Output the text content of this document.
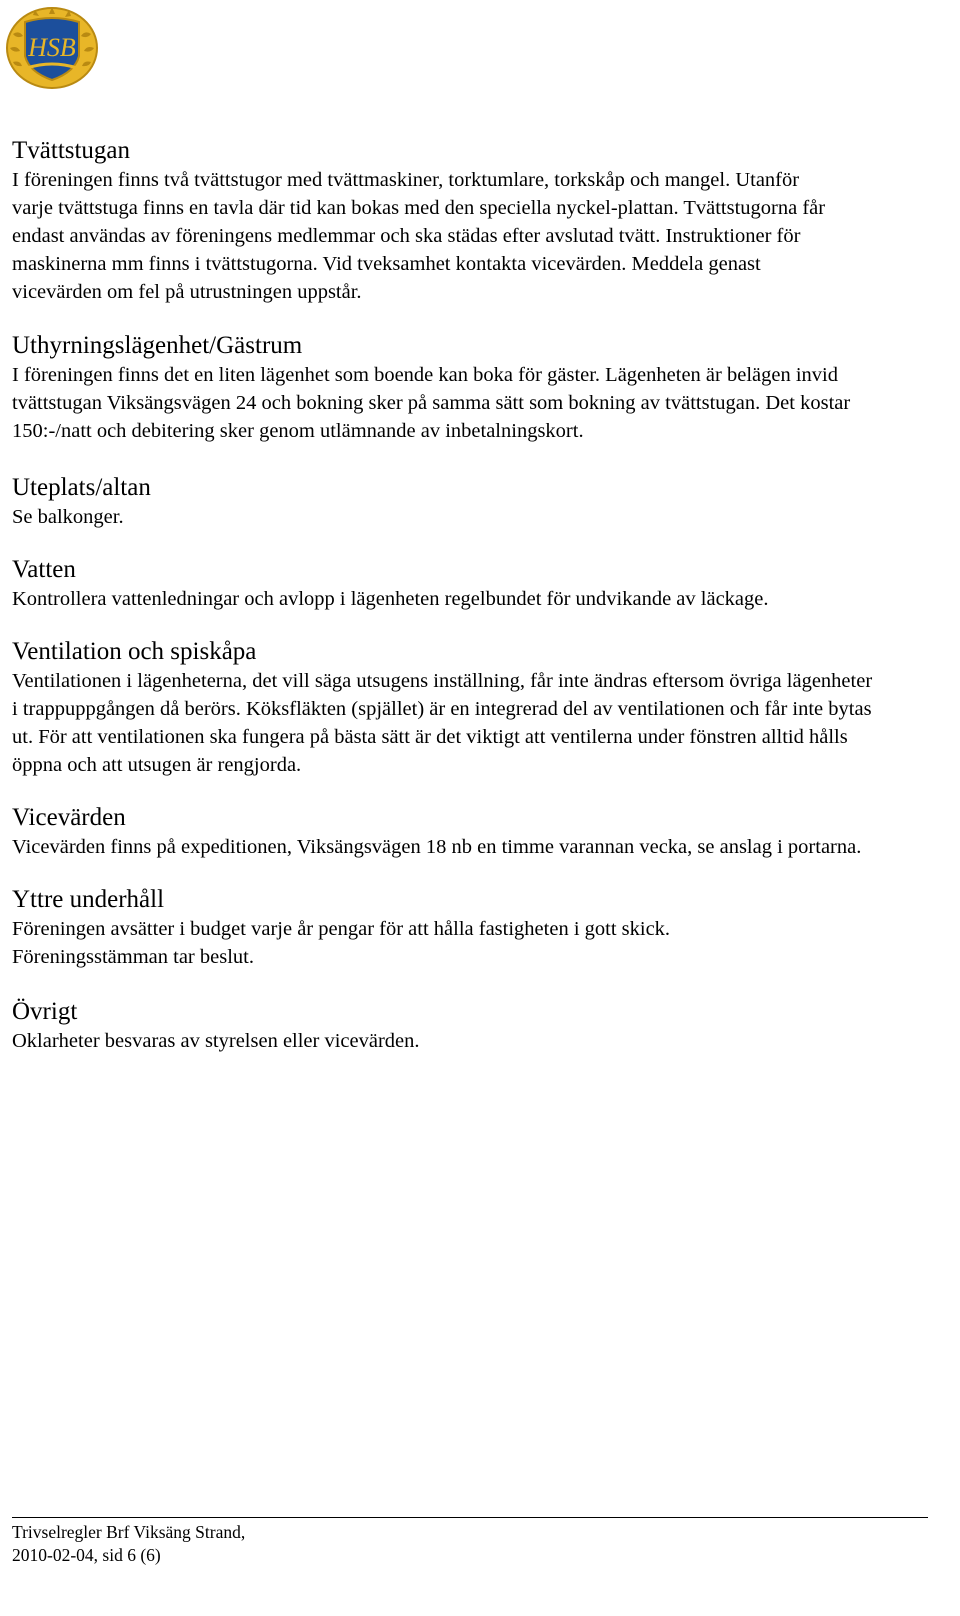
HSB
Tvättstugan

I föreningen finns två tvättstugor med tvättmaskiner, torktumlare, torkskåp och mangel. Utanför varje tvättstuga finns en tavla där tid kan bokas med den speciella nyckel-plattan. Tvättstugorna får endast användas av föreningens medlemmar och ska städas efter avslutad tvätt. Instruktioner för maskinerna mm finns i tvättstugorna. Vid tveksamhet kontakta vicevärden. Meddela genast vicevärden om fel på utrustningen uppstår.

Uthyrningslägenhet/Gästrum

I föreningen finns det en liten lägenhet som boende kan boka för gäster. Lägenheten är belägen invid tvättstugan Viksängsvägen 24 och bokning sker på samma sätt som bokning av tvättstugan. Det kostar 150:-/natt och debitering sker genom utlämnande av inbetalningskort.

Uteplats/altan

Se balkonger.

Vatten

Kontrollera vattenledningar och avlopp i lägenheten regelbundet för undvikande av läckage.

Ventilation och spiskåpa

Ventilationen i lägenheterna, det vill säga utsugens inställning, får inte ändras eftersom övriga lägenheter i trappuppgången då berörs. Köksfläkten (spjället) är en integrerad del av ventilationen och får inte bytas ut. För att ventilationen ska fungera på bästa sätt är det viktigt att ventilerna under fönstren alltid hålls öppna och att utsugen är rengjorda.

Vicevärden

Vicevärden finns på expeditionen, Viksängsvägen 18 nb en timme varannan vecka, se anslag i portarna.

Yttre underhåll

Föreningen avsätter i budget varje år pengar för att hålla fastigheten i gott skick. Föreningsstämman tar beslut.

Övrigt

Oklarheter besvaras av styrelsen eller vicevärden.

Trivselregler Brf Viksäng Strand,
2010-02-04, sid 6 (6)
